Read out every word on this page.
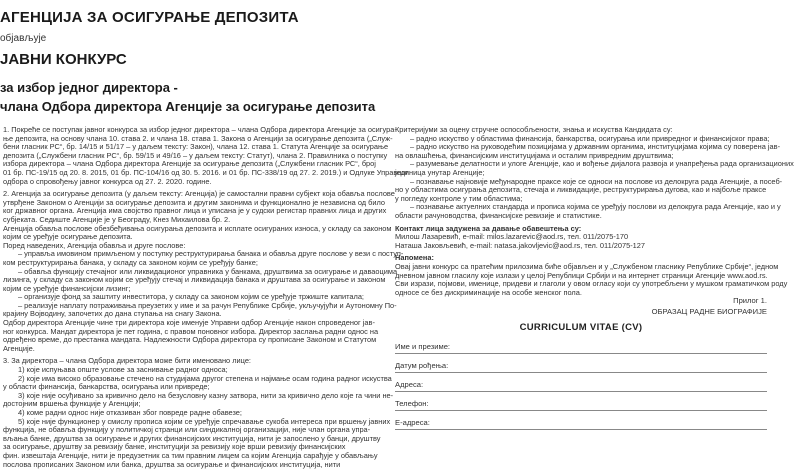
АГЕНЦИЈА ЗА ОСИГУРАЊЕ ДЕПОЗИТА
објављује
ЈАВНИ КОНКУРС
за избор једног директора -
члана Одбора директора Агенције за осигурање депозита
1. Покреће се поступак јавног конкурса за избор једног директора – члана Одбора директора Агенције за осигура-
ње депозита, на основу члана 10. става 2. и члана 18. става 1. Закона о Агенцији за осигурање депозита („Служ-
бени гласник РС“, бр. 14/15 и 51/17 – у даљем тексту: Закон), члана 12. става 1. Статута Агенције за осигурање
депозита („Службени гласник РС“, бр. 59/15 и 49/16 – у даљем тексту: Статут), члана 2. Правилника о поступку
избора директора – члана Одбора директора Агенције за осигурање депозита („Службени гласник РС“, број
01 бр. ПС-19/15 од 20. 8. 2015, 01 бр. ПС-104/16 од 30. 5. 2016. и 01 бр. ПС-338/19 од 27. 2. 2019.) и Одлуке Управног
одбора о спровођењу јавног конкурса од 27. 2. 2020. године.
2. Агенција за осигурање депозита (у даљем тексту: Агенција) је самостални правни субјект која обавља послове
утврђене Законом о Агенцији за осигурање депозита и другим законима и функционално је независна од било
ког државног органа. Агенција има својство правног лица и уписана је у судски регистар правних лица и других
субјеката. Седиште Агенције је у Београду, Кнез Михаилова бр. 2.
Агенција обавља послове обезбеђивања осигурања депозита и исплате осигураних износа, у складу са законом
којим се уређује осигурање депозита.
Поред наведених, Агенција обавља и друге послове:
– управља имовином примљеном у поступку реструктурирања банака и обавља друге послове у вези с поступ-
ком реструктурирања банака, у складу са законом којим се уређују банке;
– обавља функцију стечајног или ликвидационог управника у банкама, друштвима за осигурање и даваоцима
лизинга, у складу са законом којим се уређују стечај и ликвидација банака и друштава за осигурање и законом
којим се уређује финансијски лизинг;
– организује фонд за заштиту инвеститора, у складу са законом којим се уређује тржиште капитала;
– реализује наплату потраживања преузетих у име и за рачун Републике Србије, укључујући и Аутономну По-
крајину Војводину, започетих до дана ступања на снагу Закона.
Одбор директора Агенције чине три директора које именује Управни одбор Агенције након спроведеног јав-
ног конкурса. Мандат директора је пет година, с правом поновног избора. Директор заслања радни однос на
одређено време, до престанка мандата. Надлежности Одбора директора су прописане Законом и Статутом
Агенције.
3. За директора – члана Одбора директора може бити именовано лице:
1) које испуњава опште услове за заснивање радног односа;
2) које има високо образовање стечено на студијама другог степена и најмање осам година радног искуства
у области финансија, банкарства, осигурања или привреде;
3) које није осуђивано за кривично дело на безусловну казну затвора, нити за кривично дело које га чини не-
достојним вршења функције у Агенцији;
4) коме радни однос није отказиван због повреде радне обавезе;
5) које није функционер у смислу прописа којим се уређује спречавање сукоба интереса при вршењу јавних
функција, не обавља функцију у политичкој странци или синдикалној организацији, није члан органа упра-
вљања банке, друштва за осигурање и других финансијских институција, нити је запослено у банци, друштву
за осигурање, друштву за ревизију банке, институцији за ревизију које врши ревизију финансијских
фин. извештаја Агенције, нити је предузетник са тим правним лицем са којим Агенција сарађује у обављању
послова прописаних Законом или банка, друштва за осигурање и финансијских институција, нити
Критеријуми за оцену стручне оспособљености, знања и искуства Кандидата су:
– радно искуство у областима финансија, банкарства, осигурања или привредног и финансијског права;
– радно искуство на руководећим позицијама у државним органима, институцијама којима су поверена јав-
на овлашћења, финансијским институцијама и осталим привредним друштвима;
– разумевање делатности и улоге Агенције, као и вођење дијалога развоја и унапређења рада организационих
јединица унутар Агенције;
– познавање најновије међународне праксе које се односи на послове из делокруга рада Агенције, а посеб-
но у областима осигурања депозита, стечаја и ликвидације, реструктурирања дугова, као и најбоље праксе
у погледу контроле у тим областима;
– познавање актуелних стандарда и прописа којима се уређују послови из делокруга рада Агенције, као и у
области рачуноводства, финансијске ревизије и статистике.
Контакт лица задужена за давање обавештења су:
Милош Лазаревић, e-mail: milos.lazarevic@aod.rs, тел. 011/2075-170
Наташа Јаковљевић, e-mail: natasa.jakovljevic@aod.rs, тел. 011/2075-127
Напомена:
Овај јавни конкурс са пратећим прилозима биће објављен и у „Службеном гласнику Републике Србије“, једном
дневном јавном гласилу које излази у целој Републици Србији и на интернет страници Агенције www.aod.rs.
Сви изрази, појмови, именице, придеви и глаголи у овом огласу који су употребљени у мушком граматичком роду
односе се без дискриминације на особе женског пола.
Прилог 1.
ОБРАЗАЦ РАДНЕ БИОГРАФИЈЕ
CURRICULUM VITAE (CV)
Име и презиме:
Датум рођења:
Адреса:
Телефон:
Е-адреса:
